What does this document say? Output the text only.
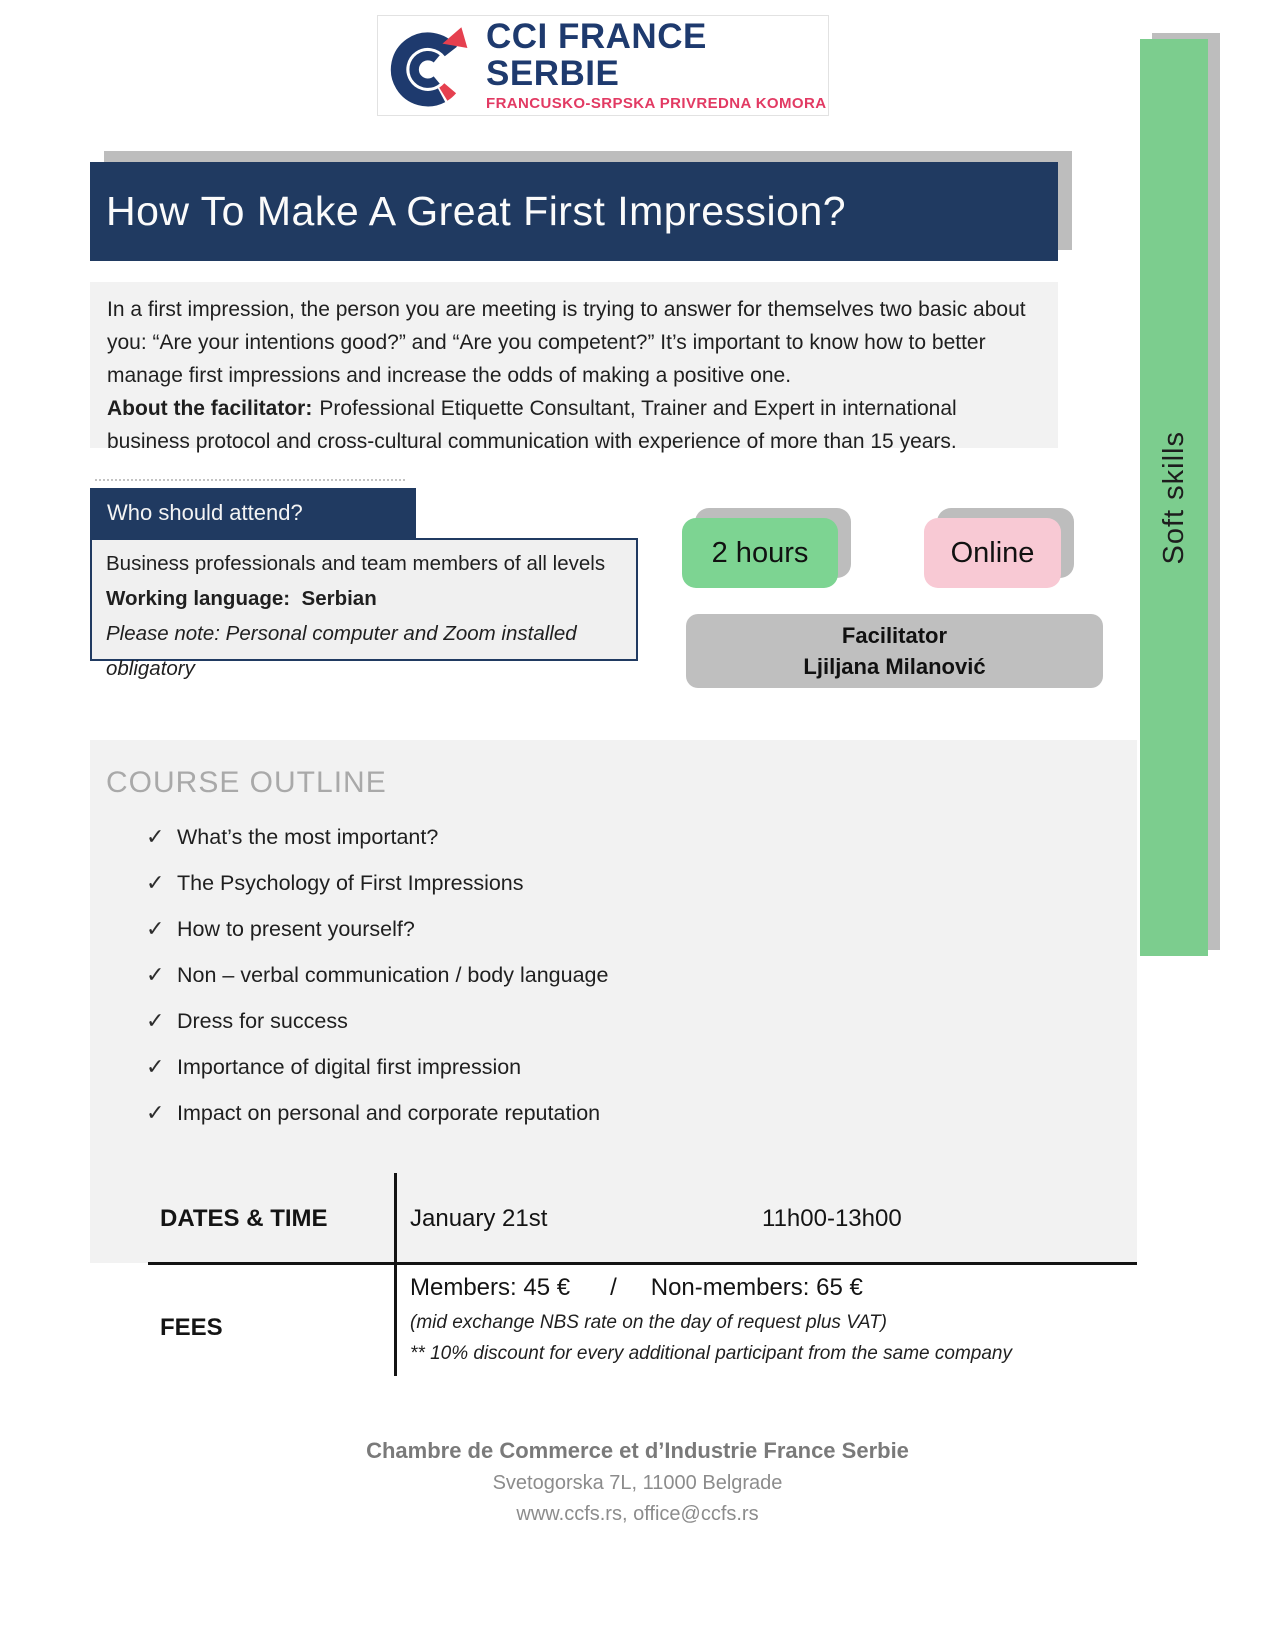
CCI FRANCE SERBIE
FRANCUSKO-SRPSKA PRIVREDNA KOMORA
How To Make A Great First Impression?
In a first impression, the person you are meeting is trying to answer for themselves two basic about you: “Are your intentions good?” and “Are you competent?” It’s important to know how to better manage first impressions and increase the odds of making a positive one.
About the facilitator: Professional Etiquette Consultant, Trainer and Expert in international business protocol and cross-cultural communication with experience of more than 15 years.
Who should attend?
Business professionals and team members of all levels
Working language:  Serbian
Please note: Personal computer and Zoom installed obligatory
2 hours	Online
Facilitator
Ljiljana Milanović
Soft skills
COURSE OUTLINE
✓ What’s the most important?
✓ The Psychology of First Impressions
✓ How to present yourself?
✓ Non – verbal communication / body language
✓ Dress for success
✓ Importance of digital first impression
✓ Impact on personal and corporate reputation
DATES & TIME	January 21st	11h00-13h00
FEES
Members: 45 € / Non-members: 65 €
(mid exchange NBS rate on the day of request plus VAT)
** 10% discount for every additional participant from the same company
Chambre de Commerce et d’Industrie France Serbie
Svetogorska 7L, 11000 Belgrade
www.ccfs.rs, office@ccfs.rs
